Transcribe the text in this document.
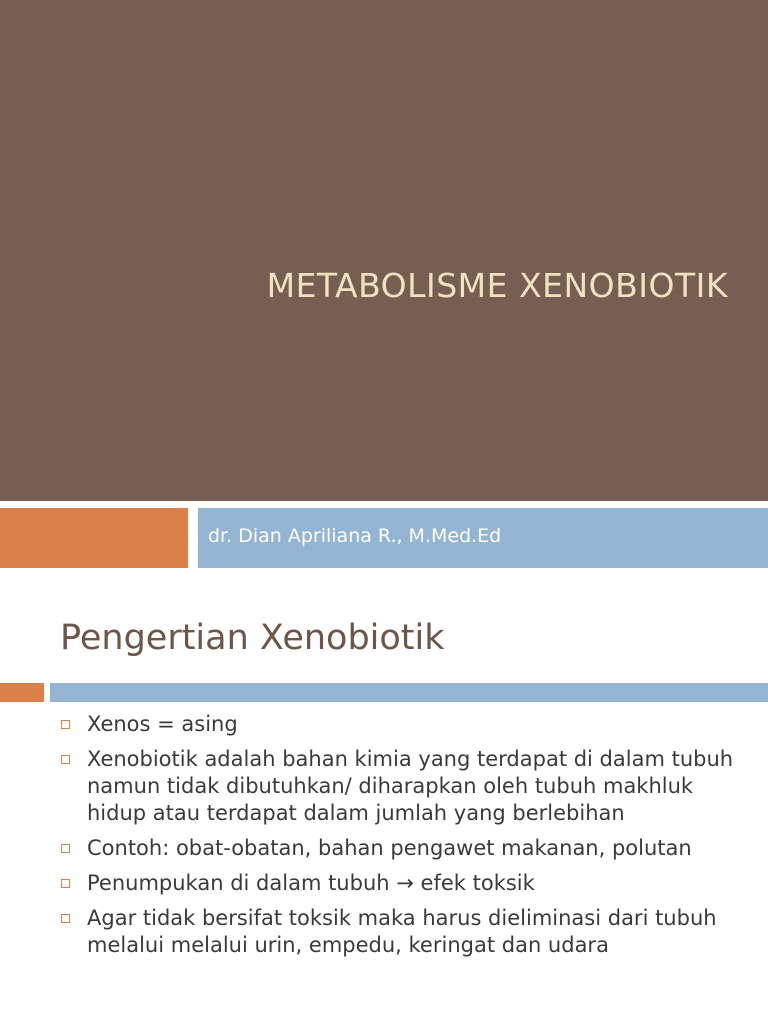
METABOLISME XENOBIOTIK
dr. Dian Apriliana R., M.Med.Ed
Pengertian Xenobiotik
Xenos = asing
Xenobiotik adalah bahan kimia yang terdapat di dalam tubuh namun tidak dibutuhkan/ diharapkan oleh tubuh makhluk hidup atau terdapat dalam jumlah yang berlebihan
Contoh: obat-obatan, bahan pengawet makanan, polutan
Penumpukan di dalam tubuh → efek toksik
Agar tidak bersifat toksik maka harus dieliminasi dari tubuh melalui melalui urin, empedu, keringat dan udara
